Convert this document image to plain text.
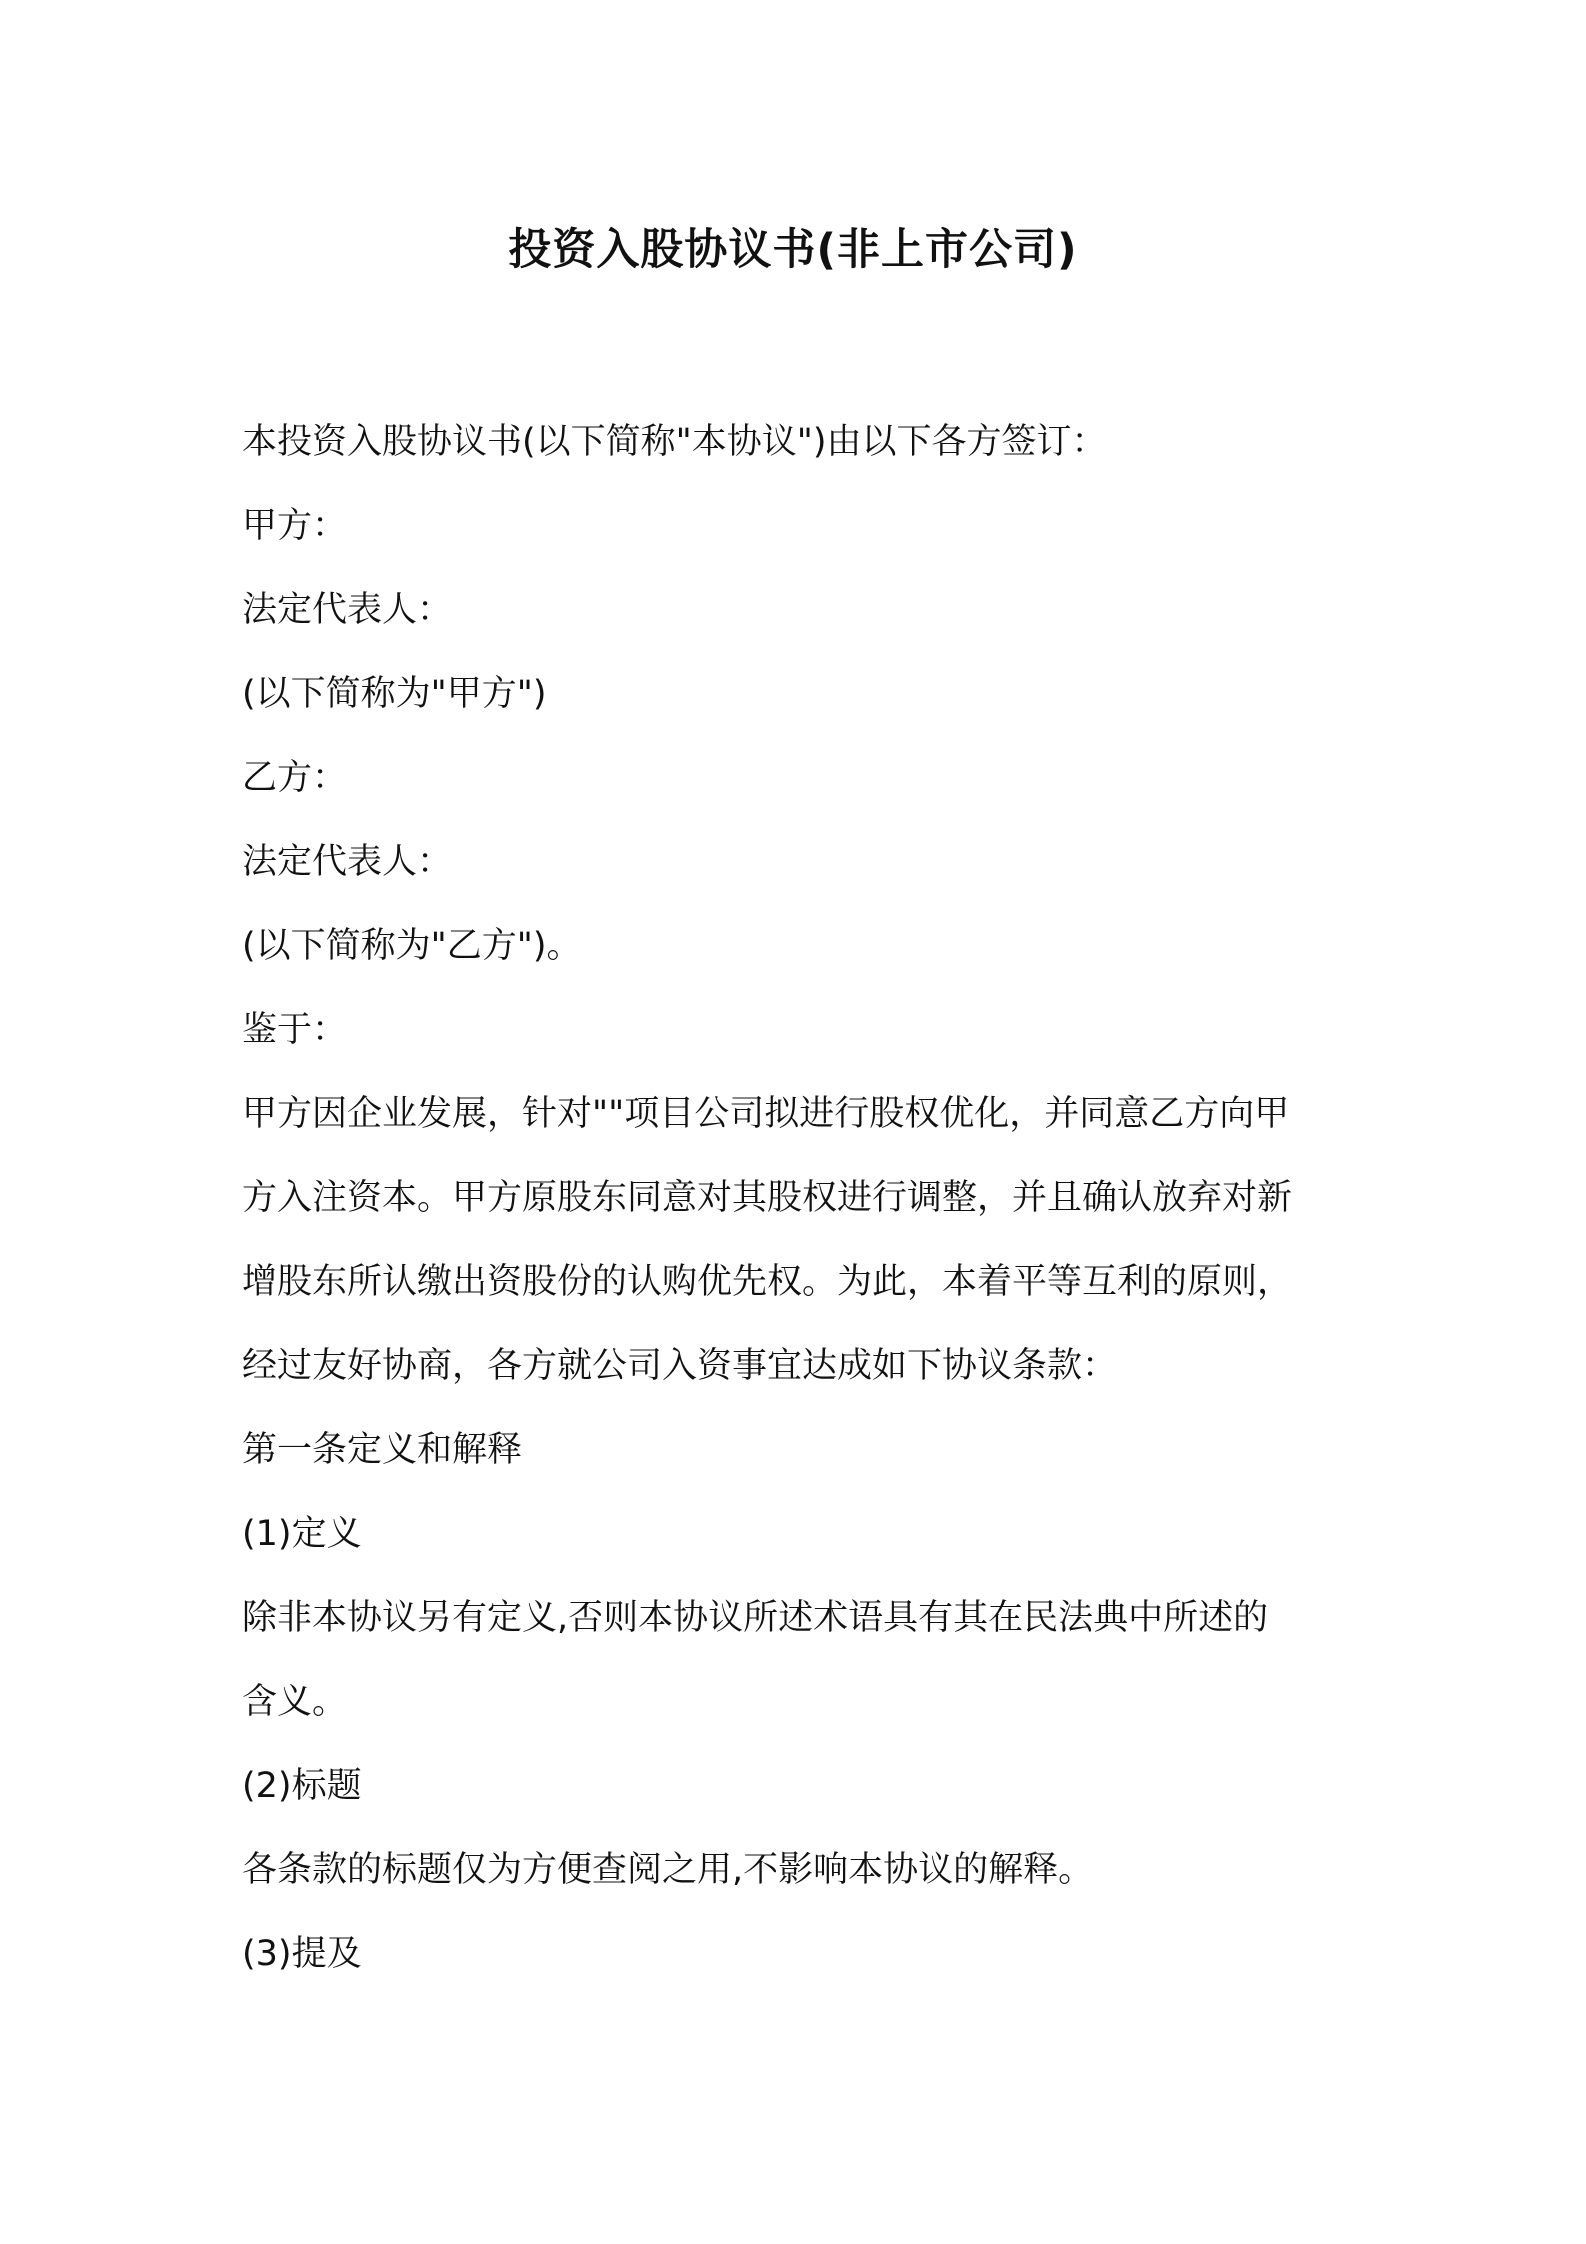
投资入股协议书(非上市公司)

本投资入股协议书(以下简称"本协议")由以下各方签订：

甲方：

法定代表人：

(以下简称为"甲方")

乙方：

法定代表人：

(以下简称为"乙方")。

鉴于：

甲方因企业发展，针对""项目公司拟进行股权优化，并同意乙方向甲

方入注资本。甲方原股东同意对其股权进行调整，并且确认放弃对新

增股东所认缴出资股份的认购优先权。为此，本着平等互利的原则，

经过友好协商，各方就公司入资事宜达成如下协议条款：

第一条定义和解释

(1)定义

除非本协议另有定义,否则本协议所述术语具有其在民法典中所述的

含义。

(2)标题

各条款的标题仅为方便查阅之用,不影响本协议的解释。

(3)提及
